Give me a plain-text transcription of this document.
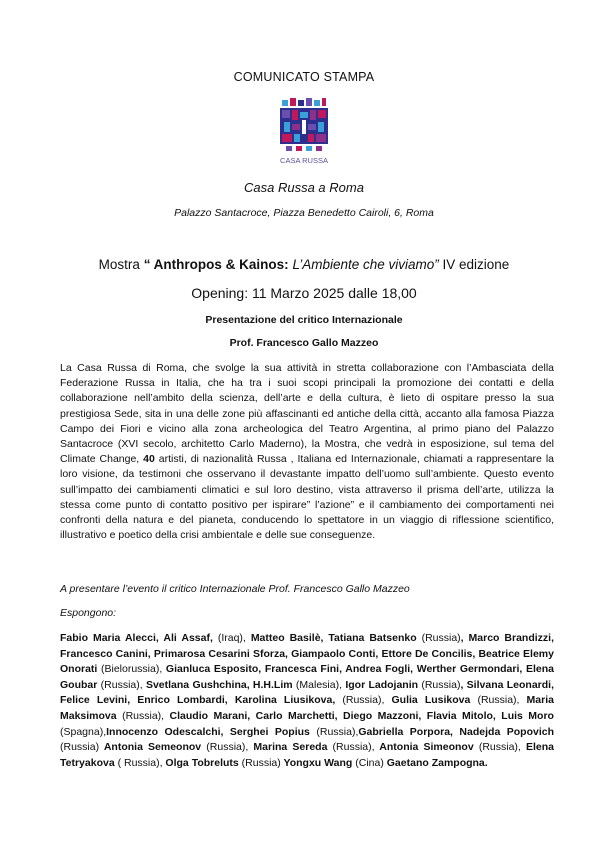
COMUNICATO STAMPA
CASA RUSSA
Casa Russa a Roma
Palazzo Santacroce, Piazza Benedetto Cairoli, 6, Roma
Mostra “ Anthropos & Kainos: L’Ambiente che viviamo” IV edizione
Opening: 11 Marzo 2025 dalle 18,00
Presentazione del critico Internazionale
Prof. Francesco Gallo Mazzeo
La Casa Russa di Roma, che svolge la sua attività in stretta collaborazione con l’Ambasciata della Federazione Russa in Italia, che ha tra i suoi scopi principali la promozione dei contatti e della collaborazione nell’ambito della scienza, dell’arte e della cultura, è lieto di ospitare presso la sua prestigiosa Sede, sita in una delle zone più affascinanti ed antiche della città, accanto alla famosa Piazza Campo dei Fiori e vicino alla zona archeologica del Teatro Argentina, al primo piano del Palazzo Santacroce (XVI secolo, architetto Carlo Maderno), la Mostra, che vedrà in esposizione, sul tema del Climate Change, 40 artisti, di nazionalità Russa , Italiana ed Internazionale, chiamati a rappresentare la loro visione, da testimoni che osservano il devastante impatto dell’uomo sull’ambiente. Questo evento sull’impatto dei cambiamenti climatici e sul loro destino, vista attraverso il prisma dell’arte, utilizza la stessa come punto di contatto positivo per ispirare” l’azione” e il cambiamento dei comportamenti nei confronti della natura e del pianeta, conducendo lo spettatore in un viaggio di riflessione scientifico, illustrativo e poetico della crisi ambientale e delle sue conseguenze.
A presentare l’evento il critico Internazionale Prof. Francesco Gallo Mazzeo
Espongono:
Fabio Maria Alecci, Ali Assaf, (Iraq), Matteo Basilè, Tatiana Batsenko (Russia), Marco Brandizzi, Francesco Canini, Primarosa Cesarini Sforza, Giampaolo Conti, Ettore De Concilis, Beatrice Elemy Onorati (Bielorussia), Gianluca Esposito, Francesca Fini, Andrea Fogli, Werther Germondari, Elena Goubar (Russia), Svetlana Gushchina, H.H.Lim (Malesia), Igor Ladojanin (Russia), Silvana Leonardi, Felice Levini, Enrico Lombardi, Karolina Liusikova, (Russia), Gulia Lusikova (Russia), Maria Maksimova (Russia), Claudio Marani, Carlo Marchetti, Diego Mazzoni, Flavia Mitolo, Luis Moro (Spagna),Innocenzo Odescalchi, Serghei Popius (Russia),Gabriella Porpora, Nadejda Popovich (Russia) Antonia Semeonov (Russia), Marina Sereda (Russia), Antonia Simeonov (Russia), Elena Tetryakova ( Russia), Olga Tobreluts (Russia) Yongxu Wang (Cina) Gaetano Zampogna.
